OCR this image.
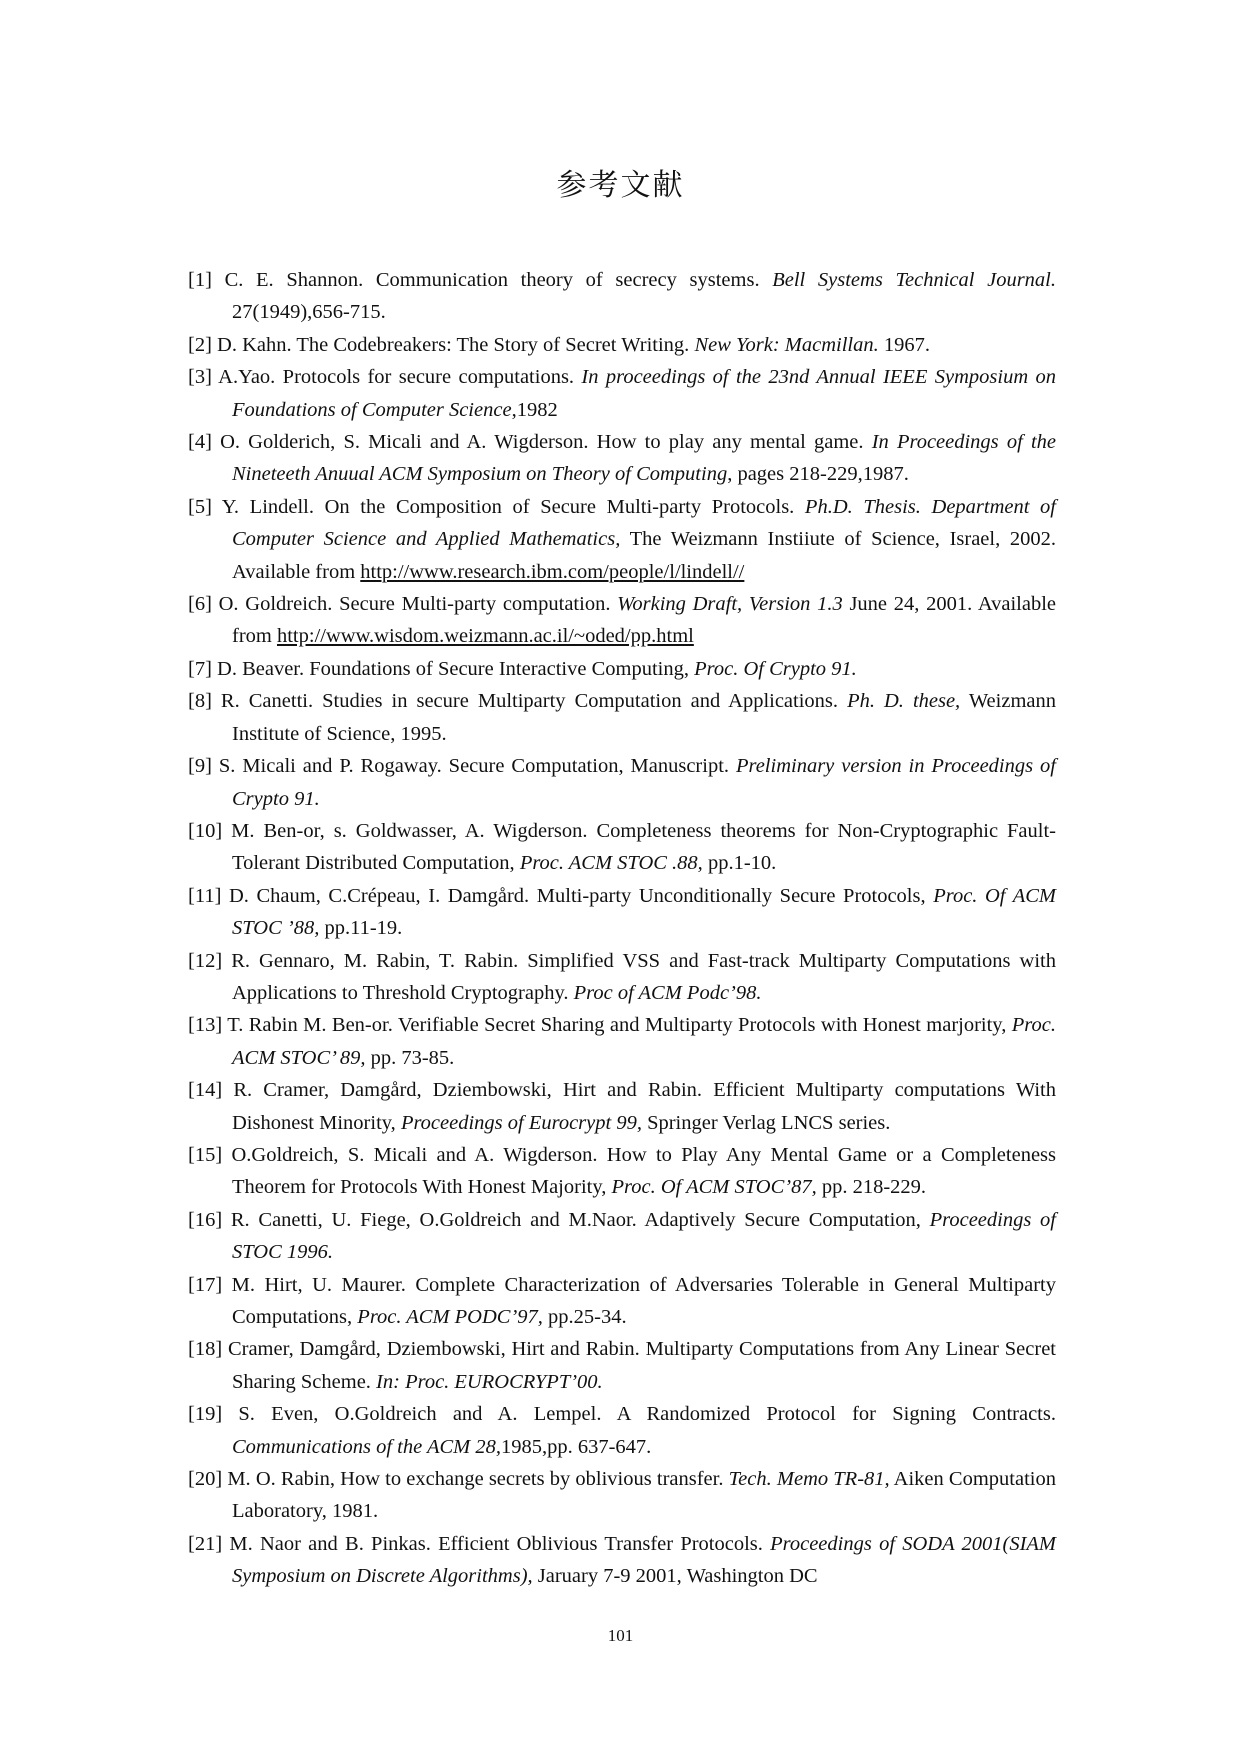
参考文献

[1] C. E. Shannon. Communication theory of secrecy systems. Bell Systems Technical Journal. 27(1949),656-715.

[2] D. Kahn. The Codebreakers: The Story of Secret Writing. New York: Macmillan. 1967.

[3] A.Yao. Protocols for secure computations. In proceedings of the 23nd Annual IEEE Symposium on Foundations of Computer Science,1982

[4] O. Golderich, S. Micali and A. Wigderson. How to play any mental game. In Proceedings of the Nineteeth Anuual ACM Symposium on Theory of Computing, pages 218-229,1987.

[5] Y. Lindell. On the Composition of Secure Multi-party Protocols. Ph.D. Thesis. Department of Computer Science and Applied Mathematics, The Weizmann Instiiute of Science, Israel, 2002. Available from http://www.research.ibm.com/people/l/lindell//

[6] O. Goldreich. Secure Multi-party computation. Working Draft, Version 1.3 June 24, 2001. Available from http://www.wisdom.weizmann.ac.il/~oded/pp.html

[7] D. Beaver. Foundations of Secure Interactive Computing, Proc. Of Crypto 91.

[8] R. Canetti. Studies in secure Multiparty Computation and Applications. Ph. D. these, Weizmann Institute of Science, 1995.

[9] S. Micali and P. Rogaway. Secure Computation, Manuscript. Preliminary version in Proceedings of Crypto 91.

[10] M. Ben-or, s. Goldwasser, A. Wigderson. Completeness theorems for Non-Cryptographic Fault-Tolerant Distributed Computation, Proc. ACM STOC .88, pp.1-10.

[11] D. Chaum, C.Crépeau, I. Damgård. Multi-party Unconditionally Secure Protocols, Proc. Of ACM STOC ’88, pp.11-19.

[12] R. Gennaro, M. Rabin, T. Rabin. Simplified VSS and Fast-track Multiparty Computations with Applications to Threshold Cryptography. Proc of ACM Podc’98.

[13] T. Rabin M. Ben-or. Verifiable Secret Sharing and Multiparty Protocols with Honest marjority, Proc. ACM STOC’ 89, pp. 73-85.

[14] R. Cramer, Damgård, Dziembowski, Hirt and Rabin. Efficient Multiparty computations With Dishonest Minority, Proceedings of Eurocrypt 99, Springer Verlag LNCS series.

[15] O.Goldreich, S. Micali and A. Wigderson. How to Play Any Mental Game or a Completeness Theorem for Protocols With Honest Majority, Proc. Of ACM STOC’87, pp. 218-229.

[16] R. Canetti, U. Fiege, O.Goldreich and M.Naor. Adaptively Secure Computation, Proceedings of STOC 1996.

[17] M. Hirt, U. Maurer. Complete Characterization of Adversaries Tolerable in General Multiparty Computations, Proc. ACM PODC’97, pp.25-34.

[18] Cramer, Damgård, Dziembowski, Hirt and Rabin. Multiparty Computations from Any Linear Secret Sharing Scheme. In: Proc. EUROCRYPT’00.

[19] S. Even, O.Goldreich and A. Lempel. A Randomized Protocol for Signing Contracts. Communications of the ACM 28,1985,pp. 637-647.

[20] M. O. Rabin, How to exchange secrets by oblivious transfer. Tech. Memo TR-81, Aiken Computation Laboratory, 1981.

[21] M. Naor and B. Pinkas. Efficient Oblivious Transfer Protocols. Proceedings of SODA 2001(SIAM Symposium on Discrete Algorithms), Jaruary 7-9 2001, Washington DC

101
